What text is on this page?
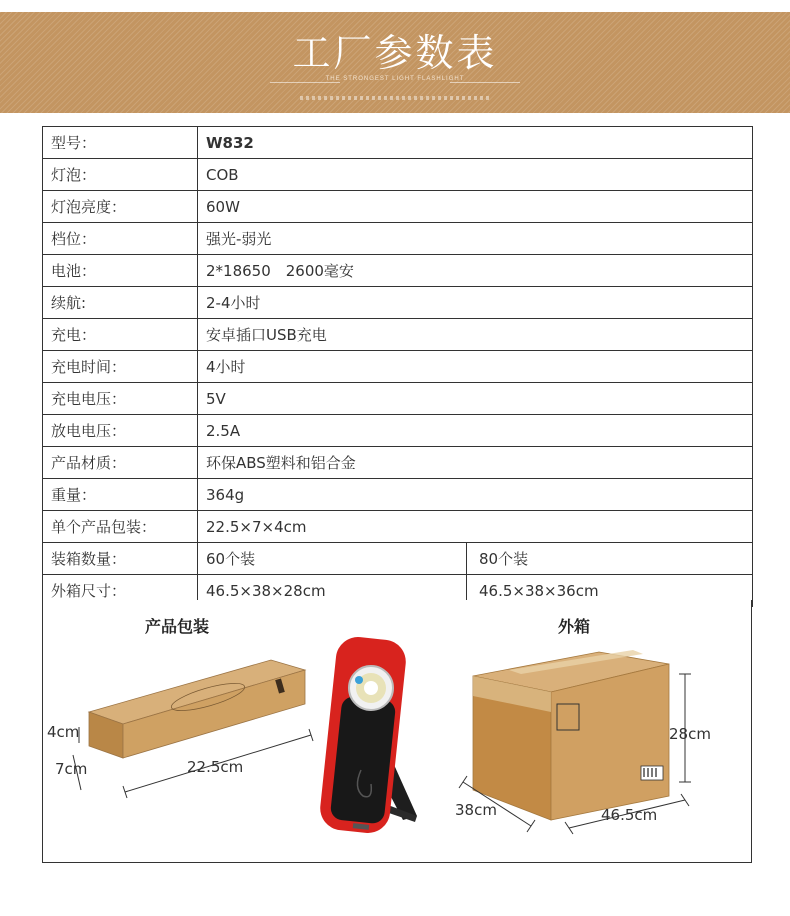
工厂参数表
THE STRONGEST LIGHT FLASHLIGHT
型号：	W832	
灯泡：	COB	
灯泡亮度：	60W	
档位：	强光-弱光	
电池：	2*18650　2600毫安	
续航:	2-4小时	
充电：	安卓插口USB充电	
充电时间：	4小时	
充电电压：	5V	
放电电压：	2.5A	
产品材质：	环保ABS塑料和铝合金	
重量：	364g	
单个产品包装：	22.5×7×4cm	
装箱数量：	60个装	80个装
外箱尺寸：	46.5×38×28cm	46.5×38×36cm
产品包装	外箱
4cm
7cm	22.5cm
28cm
38cm	46.5cm
